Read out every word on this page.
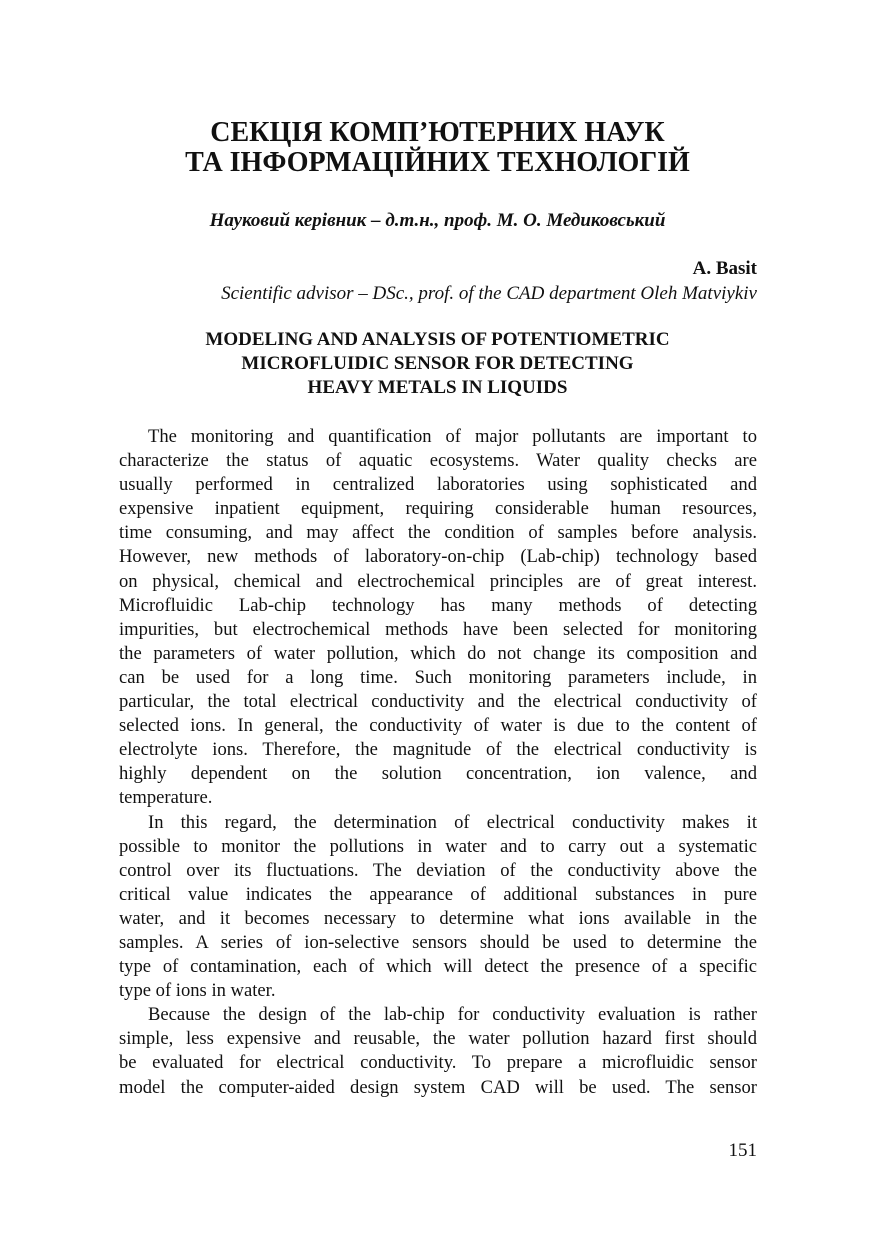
СЕКЦІЯ КОМП’ЮТЕРНИХ НАУК
ТА ІНФОРМАЦІЙНИХ ТЕХНОЛОГІЙ
Науковий керівник – д.т.н., проф. М. О. Медиковський
A. Basit
Scientific advisor – DSc., prof. of the CAD department Oleh Matviykiv
MODELING AND ANALYSIS OF POTENTIOMETRIC
MICROFLUIDIC SENSOR FOR DETECTING
HEAVY METALS IN LIQUIDS
The monitoring and quantification of major pollutants are important to
characterize the status of aquatic ecosystems. Water quality checks are
usually performed in centralized laboratories using sophisticated and
expensive inpatient equipment, requiring considerable human resources,
time consuming, and may affect the condition of samples before analysis.
However, new methods of laboratory-on-chip (Lab-chip) technology based
on physical, chemical and electrochemical principles are of great interest.
Microfluidic Lab-chip technology has many methods of detecting
impurities, but electrochemical methods have been selected for monitoring
the parameters of water pollution, which do not change its composition and
can be used for a long time. Such monitoring parameters include, in
particular, the total electrical conductivity and the electrical conductivity of
selected ions. In general, the conductivity of water is due to the content of
electrolyte ions. Therefore, the magnitude of the electrical conductivity is
highly dependent on the solution concentration, ion valence, and
temperature.
In this regard, the determination of electrical conductivity makes it
possible to monitor the pollutions in water and to carry out a systematic
control over its fluctuations. The deviation of the conductivity above the
critical value indicates the appearance of additional substances in pure
water, and it becomes necessary to determine what ions available in the
samples. A series of ion-selective sensors should be used to determine the
type of contamination, each of which will detect the presence of a specific
type of ions in water.
Because the design of the lab-chip for conductivity evaluation is rather
simple, less expensive and reusable, the water pollution hazard first should
be evaluated for electrical conductivity. To prepare a microfluidic sensor
model the computer-aided design system CAD will be used. The sensor
151
